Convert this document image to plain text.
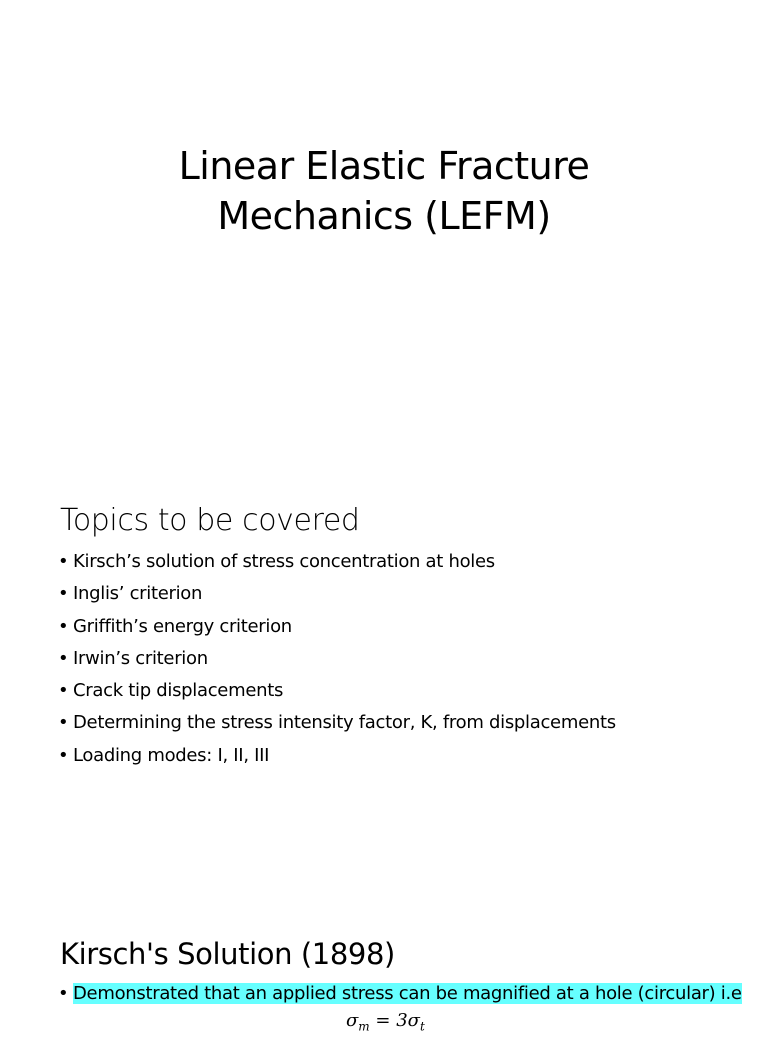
Linear Elastic Fracture
Mechanics (LEFM)
Topics to be covered
• Kirsch’s solution of stress concentration at holes
• Inglis’ criterion
• Griffith’s energy criterion
• Irwin’s criterion
• Crack tip displacements
• Determining the stress intensity factor, K, from displacements
• Loading modes: I, II, III
Kirsch's Solution (1898)
• Demonstrated that an applied stress can be magnified at a hole (circular) i.e
$\sigma_m = 3\sigma_t$
